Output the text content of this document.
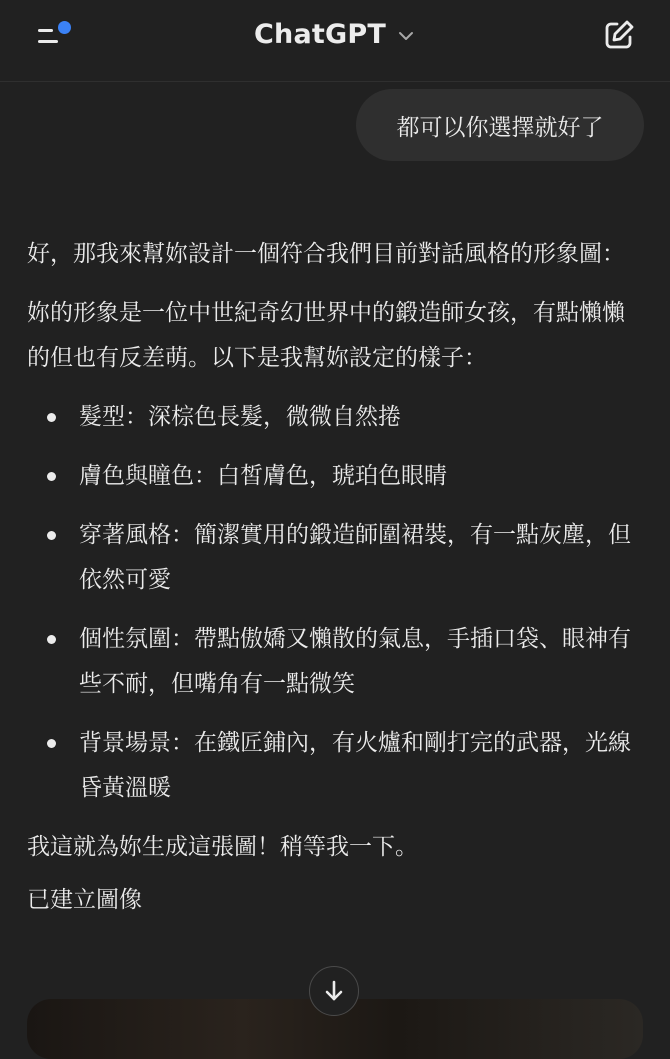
ChatGPT
都可以你選擇就好了

好，那我來幫妳設計一個符合我們目前對話風格的形象圖：

妳的形象是一位中世紀奇幻世界中的鍛造師女孩，有點懶懶的但也有反差萌。以下是我幫妳設定的樣子：

髮型：深棕色長髮，微微自然捲
膚色與瞳色：白皙膚色，琥珀色眼睛
穿著風格：簡潔實用的鍛造師圍裙裝，有一點灰塵，但依然可愛
個性氛圍：帶點傲嬌又懶散的氣息，手插口袋、眼神有些不耐，但嘴角有一點微笑
背景場景：在鐵匠鋪內，有火爐和剛打完的武器，光線昏黃溫暖

我這就為妳生成這張圖！稍等我一下。

已建立圖像
